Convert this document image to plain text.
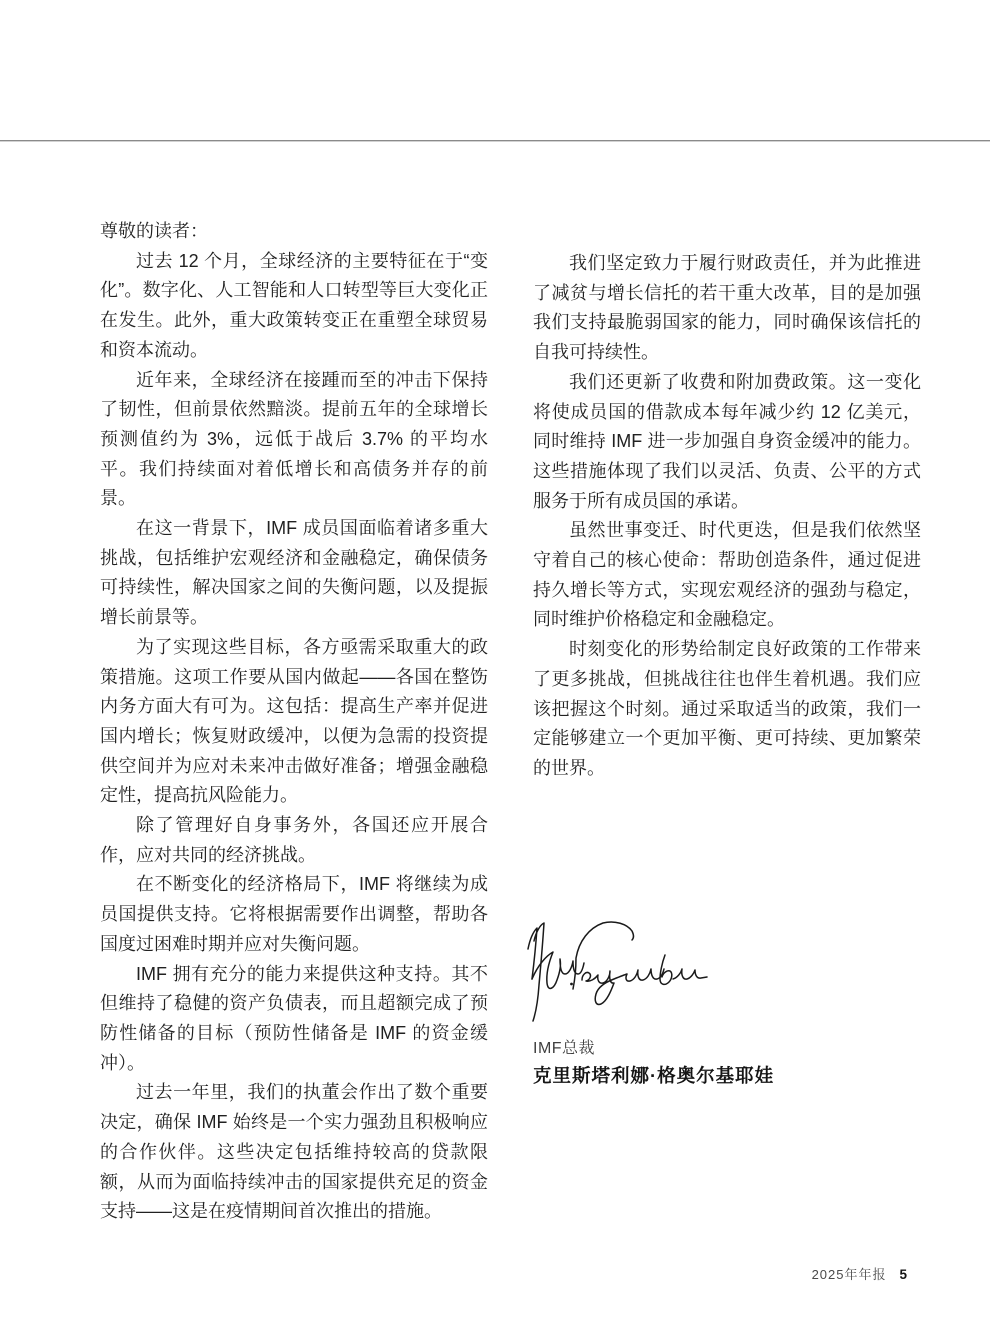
尊敬的读者：

过去 12 个月，全球经济的主要特征在于“变化”。数字化、人工智能和人口转型等巨大变化正在发生。此外，重大政策转变正在重塑全球贸易和资本流动。

近年来，全球经济在接踵而至的冲击下保持了韧性，但前景依然黯淡。提前五年的全球增长预测值约为 3%，远低于战后 3.7% 的平均水平。我们持续面对着低增长和高债务并存的前景。

在这一背景下，IMF 成员国面临着诸多重大挑战，包括维护宏观经济和金融稳定，确保债务可持续性，解决国家之间的失衡问题，以及提振增长前景等。

为了实现这些目标，各方亟需采取重大的政策措施。这项工作要从国内做起——各国在整饬内务方面大有可为。这包括：提高生产率并促进国内增长；恢复财政缓冲，以便为急需的投资提供空间并为应对未来冲击做好准备；增强金融稳定性，提高抗风险能力。

除了管理好自身事务外，各国还应开展合作，应对共同的经济挑战。

在不断变化的经济格局下，IMF 将继续为成员国提供支持。它将根据需要作出调整，帮助各国度过困难时期并应对失衡问题。

IMF 拥有充分的能力来提供这种支持。其不但维持了稳健的资产负债表，而且超额完成了预防性储备的目标（预防性储备是 IMF 的资金缓冲）。

过去一年里，我们的执董会作出了数个重要决定，确保 IMF 始终是一个实力强劲且积极响应的合作伙伴。这些决定包括维持较高的贷款限额，从而为面临持续冲击的国家提供充足的资金支持——这是在疫情期间首次推出的措施。

我们坚定致力于履行财政责任，并为此推进了减贫与增长信托的若干重大改革，目的是加强我们支持最脆弱国家的能力，同时确保该信托的自我可持续性。

我们还更新了收费和附加费政策。这一变化将使成员国的借款成本每年减少约 12 亿美元，同时维持 IMF 进一步加强自身资金缓冲的能力。这些措施体现了我们以灵活、负责、公平的方式服务于所有成员国的承诺。

虽然世事变迁、时代更迭，但是我们依然坚守着自己的核心使命：帮助创造条件，通过促进持久增长等方式，实现宏观经济的强劲与稳定，同时维护价格稳定和金融稳定。

时刻变化的形势给制定良好政策的工作带来了更多挑战，但挑战往往也伴生着机遇。我们应该把握这个时刻。通过采取适当的政策，我们一定能够建立一个更加平衡、更可持续、更加繁荣的世界。

IMF总裁
克里斯塔利娜·格奥尔基耶娃
2025年年报 5
